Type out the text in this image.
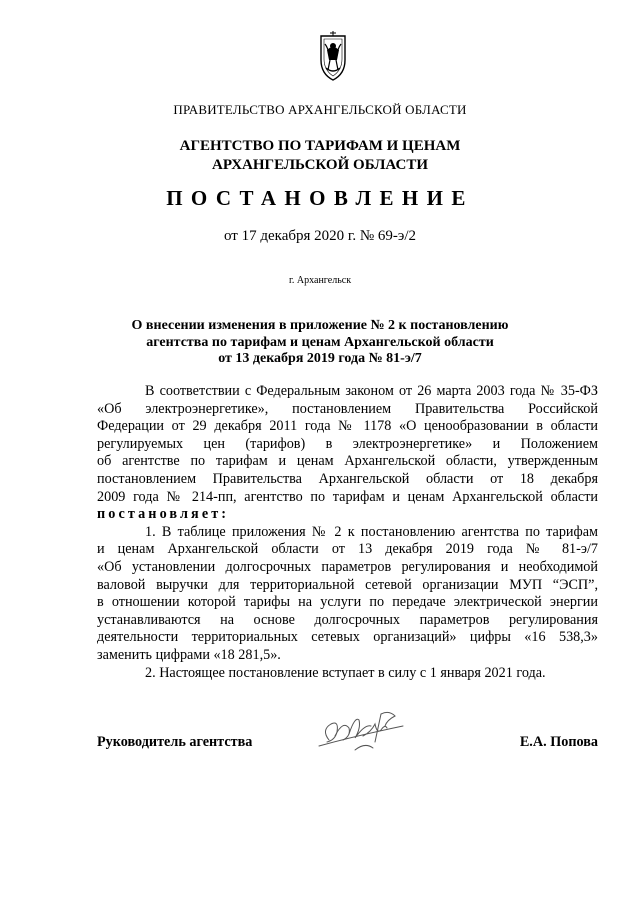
ПРАВИТЕЛЬСТВО АРХАНГЕЛЬСКОЙ ОБЛАСТИ
АГЕНТСТВО ПО ТАРИФАМ И ЦЕНАМ
АРХАНГЕЛЬСКОЙ ОБЛАСТИ
ПОСТАНОВЛЕНИЕ
от 17 декабря 2020 г. № 69-э/2
г. Архангельск
О внесении изменения в приложение № 2 к постановлению
агентства по тарифам и ценам Архангельской области
от 13 декабря 2019 года № 81-э/7
В соответствии с Федеральным законом от 26 марта 2003 года № 35-ФЗ
«Об электроэнергетике», постановлением Правительства Российской
Федерации от 29 декабря 2011 года № 1178 «О ценообразовании в области
регулируемых цен (тарифов) в электроэнергетике» и Положением
об агентстве по тарифам и ценам Архангельской области, утвержденным
постановлением Правительства Архангельской области от 18 декабря
2009 года № 214-пп, агентство по тарифам и ценам Архангельской области
постановляет:
1. В таблице приложения № 2 к постановлению агентства по тарифам
и ценам Архангельской области от 13 декабря 2019 года № 81-э/7
«Об установлении долгосрочных параметров регулирования и необходимой
валовой выручки для территориальной сетевой организации МУП “ЭСП”,
в отношении которой тарифы на услуги по передаче электрической энергии
устанавливаются на основе долгосрочных параметров регулирования
деятельности территориальных сетевых организаций» цифры «16 538,3»
заменить цифрами «18 281,5».
2. Настоящее постановление вступает в силу с 1 января 2021 года.
Руководитель агентства	Е.А. Попова
